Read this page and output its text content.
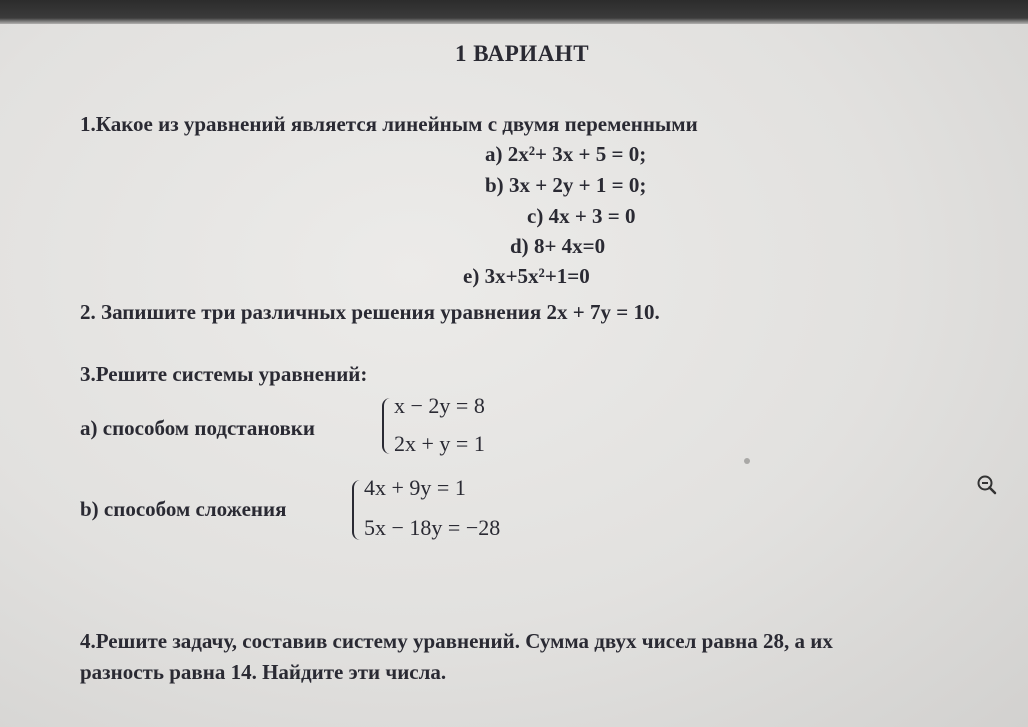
1 ВАРИАНТ
1.Какое из уравнений является линейным с двумя переменными
а) 2x²+ 3x + 5 = 0;
b) 3x + 2y + 1 = 0;
c) 4x + 3 = 0
d) 8+ 4x=0
e) 3x+5x²+1=0
2. Запишите три различных решения уравнения 2x + 7y = 10.
3.Решите системы уравнений:
а) способом подстановки
x − 2y = 8
2x + y = 1
b) способом сложения
4x + 9y = 1
5x − 18y = −28
4.Решите задачу, составив систему уравнений. Сумма двух чисел равна 28, а их
разность равна 14. Найдите эти числа.
